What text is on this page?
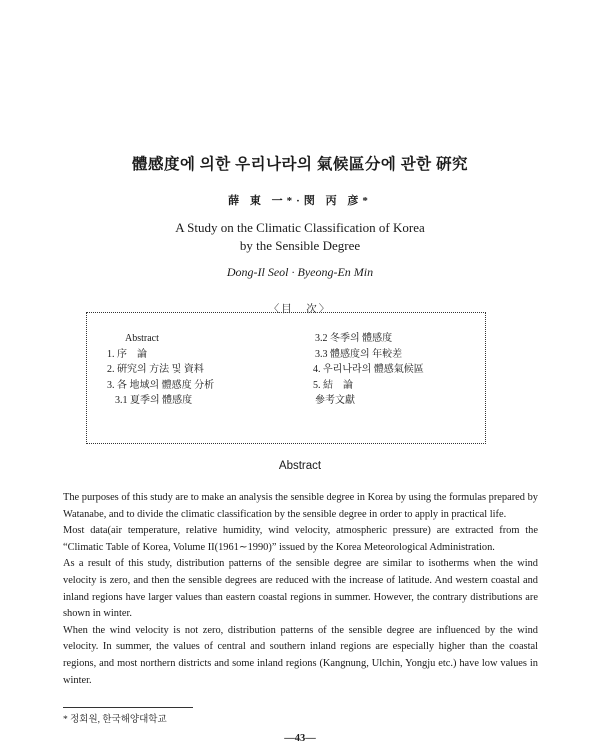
體感度에 의한 우리나라의 氣候區分에 관한 硏究
薛 東 一*·閔 丙 彦*
A Study on the Climatic Classification of Korea
by the Sensible Degree
Dong-Il Seol · Byeong-En Min
〈目　次〉
Abstract
1. 序　論
2. 硏究의 方法 및 資料
3. 各 地域의 體感度 分析
3.1 夏季의 體感度
3.2 冬季의 體感度
3.3 體感度의 年較差
4. 우리나라의 體感氣候區
5. 結　論
參考文獻
Abstract

The purposes of this study are to make an analysis the sensible degree in Korea by using the formulas prepared by Watanabe, and to divide the climatic classification by the sensible degree in order to apply in practical life.

Most data(air temperature, relative humidity, wind velocity, atmospheric pressure) are extracted from the “Climatic Table of Korea, Volume II(1961∼1990)” issued by the Korea Meteorological Administration.

As a result of this study, distribution patterns of the sensible degree are similar to isotherms when the wind velocity is zero, and then the sensible degrees are reduced with the increase of latitude. And western coastal and inland regions have larger values than eastern coastal regions in summer. However, the contrary distributions are shown in winter.

When the wind velocity is not zero, distribution patterns of the sensible degree are influenced by the wind velocity. In summer, the values of central and southern inland regions are especially higher than the coastal regions, and most northern districts and some inland regions (Kangnung, Ulchin, Yongju etc.) have low values in winter.

* 정회원, 한국해양대학교
—43—
